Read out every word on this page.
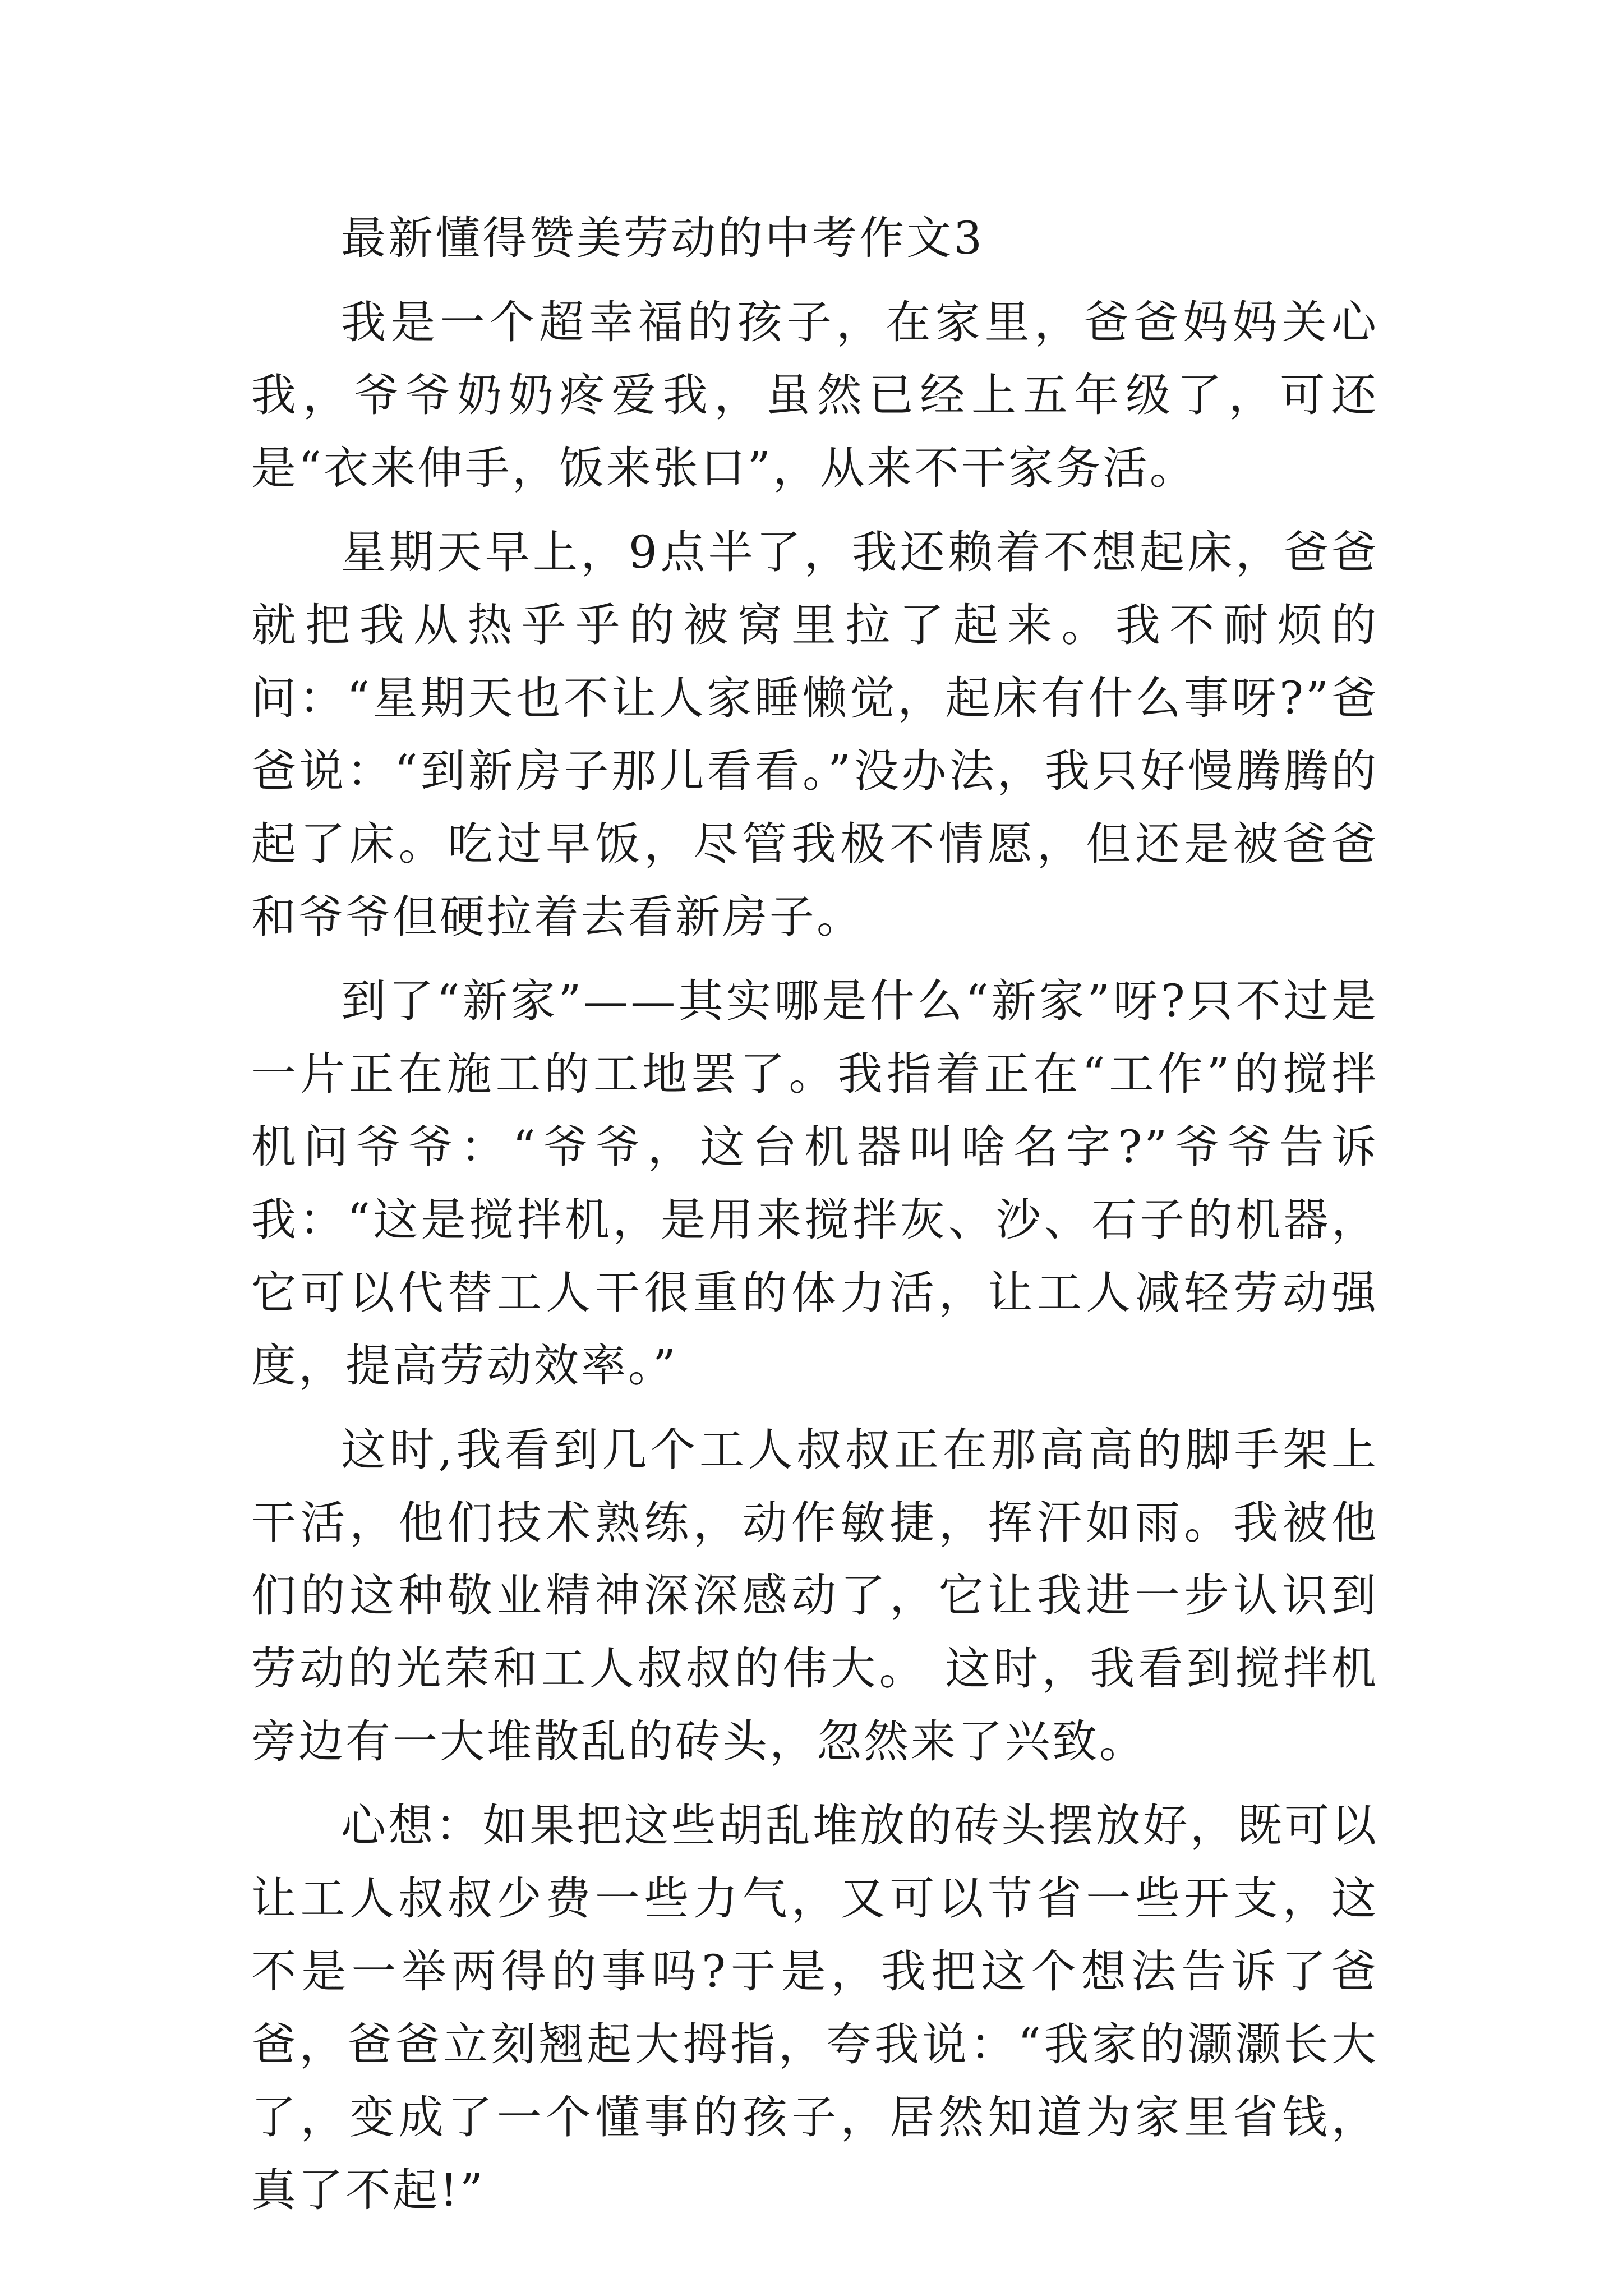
最新懂得赞美劳动的中考作文3

我是一个超幸福的孩子，在家里，爸爸妈妈关心我，爷爷奶奶疼爱我，虽然已经上五年级了，可还是“衣来伸手，饭来张口”，从来不干家务活。

星期天早上，9点半了，我还赖着不想起床，爸爸就把我从热乎乎的被窝里拉了起来。我不耐烦的问：“星期天也不让人家睡懒觉，起床有什么事呀?”爸爸说：“到新房子那儿看看。”没办法，我只好慢腾腾的起了床。吃过早饭，尽管我极不情愿，但还是被爸爸和爷爷但硬拉着去看新房子。

到了“新家”——其实哪是什么“新家”呀?只不过是一片正在施工的工地罢了。我指着正在“工作”的搅拌机问爷爷：“爷爷，这台机器叫啥名字?”爷爷告诉我：“这是搅拌机，是用来搅拌灰、沙、石子的机器，它可以代替工人干很重的体力活，让工人减轻劳动强度，提高劳动效率。”

这时,我看到几个工人叔叔正在那高高的脚手架上干活，他们技术熟练，动作敏捷，挥汗如雨。我被他们的这种敬业精神深深感动了，它让我进一步认识到劳动的光荣和工人叔叔的伟大。 这时，我看到搅拌机旁边有一大堆散乱的砖头，忽然来了兴致。

心想：如果把这些胡乱堆放的砖头摆放好，既可以让工人叔叔少费一些力气，又可以节省一些开支，这不是一举两得的事吗?于是，我把这个想法告诉了爸爸，爸爸立刻翘起大拇指，夸我说：“我家的灏灏长大了，变成了一个懂事的孩子，居然知道为家里省钱，真了不起!”
